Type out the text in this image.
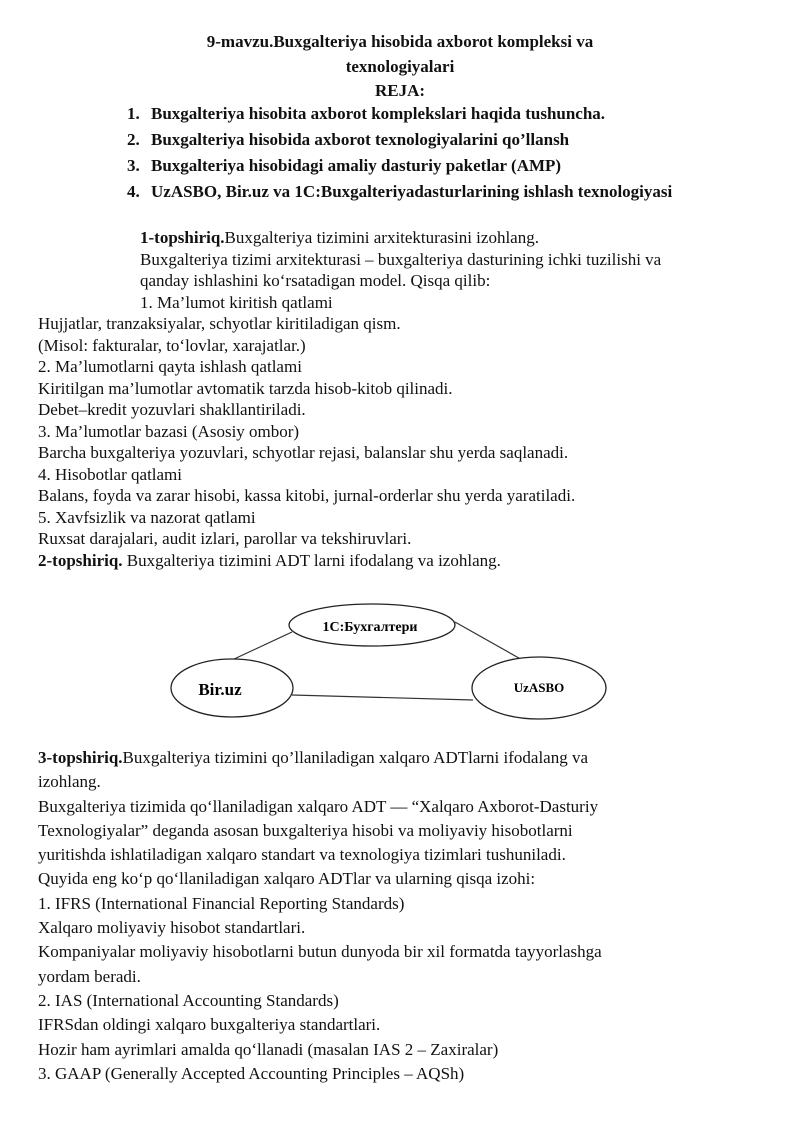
9-mavzu.Buxgalteriya hisobida axborot kompleksi va
texnologiyalari
REJA:
1. Buxgalteriya hisobita axborot komplekslari haqida tushuncha.
2. Buxgalteriya hisobida axborot texnologiyalarini qo’llansh
3. Buxgalteriya hisobidagi amaliy dasturiy paketlar (AMP)
4. UzASBO, Bir.uz va 1C:Buxgalteriyadasturlarining ishlash texnologiyasi
1-topshiriq.Buxgalteriya tizimini arxitekturasini izohlang.
Buxgalteriya tizimi arxitekturasi – buxgalteriya dasturining ichki tuzilishi va
qanday ishlashini ko‘rsatadigan model. Qisqa qilib:
1. Ma’lumot kiritish qatlami
Hujjatlar, tranzaksiyalar, schyotlar kiritiladigan qism.
(Misol: fakturalar, to‘lovlar, xarajatlar.)
2. Ma’lumotlarni qayta ishlash qatlami
Kiritilgan ma’lumotlar avtomatik tarzda hisob-kitob qilinadi.
Debet–kredit yozuvlari shakllantiriladi.
3. Ma’lumotlar bazasi (Asosiy ombor)
Barcha buxgalteriya yozuvlari, schyotlar rejasi, balanslar shu yerda saqlanadi.
4. Hisobotlar qatlami
Balans, foyda va zarar hisobi, kassa kitobi, jurnal-orderlar shu yerda yaratiladi.
5. Xavfsizlik va nazorat qatlami
Ruxsat darajalari, audit izlari, parollar va tekshiruvlari.
2-topshiriq. Buxgalteriya tizimini ADT larni ifodalang va izohlang.
1C:Бухгалтери
Bir.uz	UzASBO
3-topshiriq.Buxgalteriya tizimini qo’llaniladigan xalqaro ADTlarni ifodalang va
izohlang.
Buxgalteriya tizimida qo‘llaniladigan xalqaro ADT — “Xalqaro Axborot-Dasturiy
Texnologiyalar” deganda asosan buxgalteriya hisobi va moliyaviy hisobotlarni
yuritishda ishlatiladigan xalqaro standart va texnologiya tizimlari tushuniladi.
Quyida eng ko‘p qo‘llaniladigan xalqaro ADTlar va ularning qisqa izohi:
1. IFRS (International Financial Reporting Standards)
Xalqaro moliyaviy hisobot standartlari.
Kompaniyalar moliyaviy hisobotlarni butun dunyoda bir xil formatda tayyorlashga
yordam beradi.
2. IAS (International Accounting Standards)
IFRSdan oldingi xalqaro buxgalteriya standartlari.
Hozir ham ayrimlari amalda qo‘llanadi (masalan IAS 2 – Zaxiralar)
3. GAAP (Generally Accepted Accounting Principles – AQSh)
